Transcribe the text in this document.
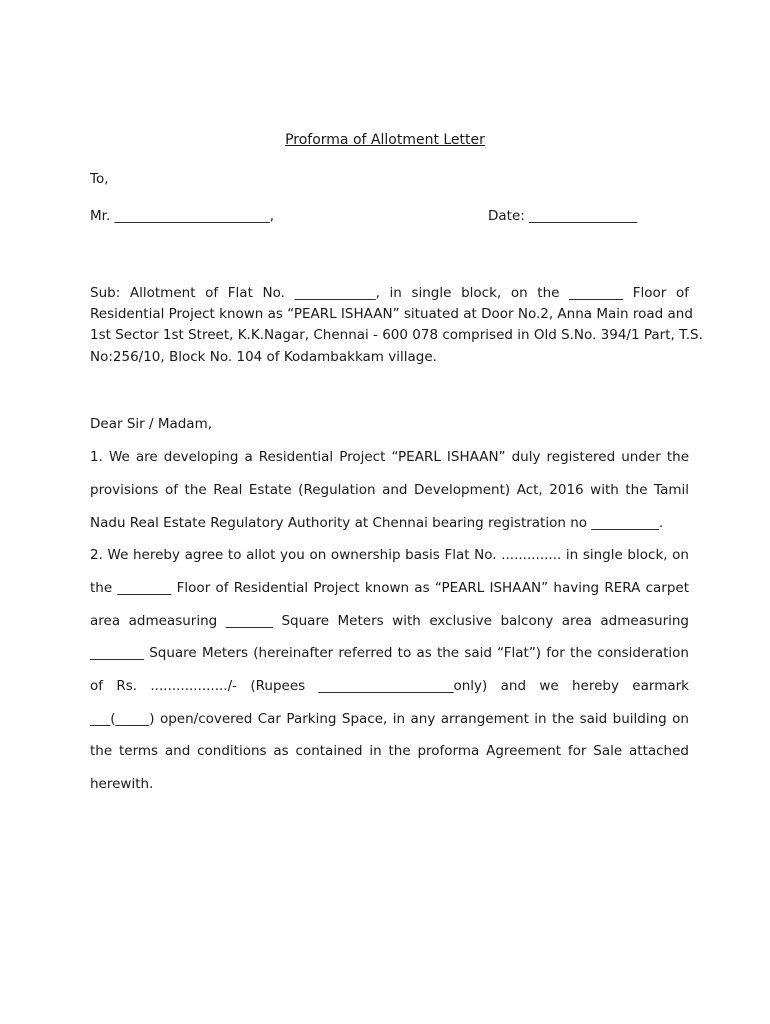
Proforma of Allotment Letter
To,
Mr. _______________________,	Date: ________________
Sub: Allotment of Flat No. ____________, in single block, on the ________ Floor of
Residential Project known as “PEARL ISHAAN” situated at Door No.2, Anna Main road and
1st Sector 1st Street, K.K.Nagar, Chennai - 600 078 comprised in Old S.No. 394/1 Part, T.S.
No:256/10, Block No. 104 of Kodambakkam village.
Dear Sir / Madam,
1. We are developing a Residential Project “PEARL ISHAAN” duly registered under the
provisions of the Real Estate (Regulation and Development) Act, 2016 with the Tamil
Nadu Real Estate Regulatory Authority at Chennai bearing registration no __________.
2. We hereby agree to allot you on ownership basis Flat No. .............. in single block, on
the ________ Floor of Residential Project known as “PEARL ISHAAN” having RERA carpet
area admeasuring _______ Square Meters with exclusive balcony area admeasuring
________ Square Meters (hereinafter referred to as the said “Flat”) for the consideration
of Rs. ................../- (Rupees ____________________only) and we hereby earmark
___(_____) open/covered Car Parking Space, in any arrangement in the said building on
the terms and conditions as contained in the proforma Agreement for Sale attached
herewith.
